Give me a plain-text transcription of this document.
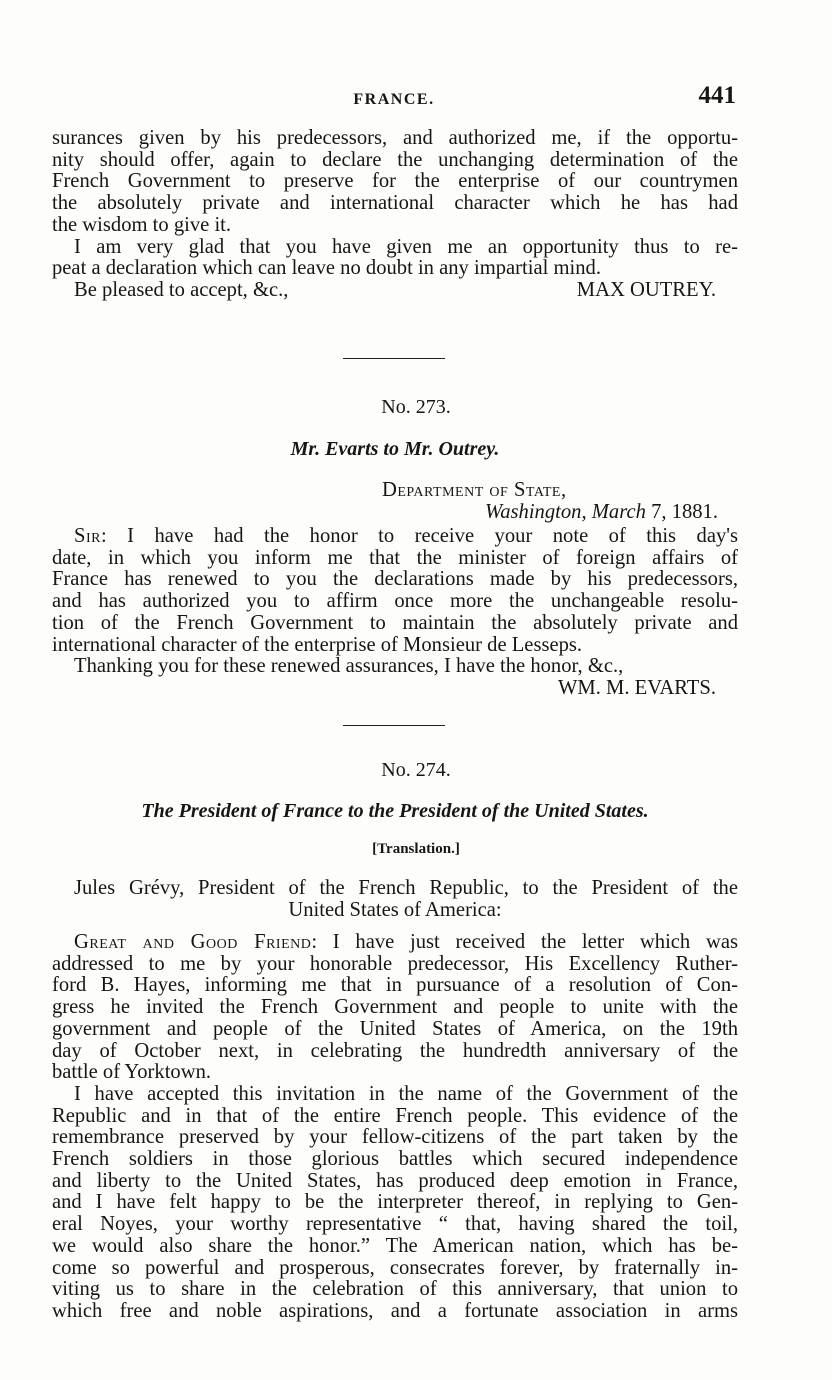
FRANCE.	441

surances given by his predecessors, and authorized me, if the opportu-

nity should offer, again to declare the unchanging determination of the

French Government to preserve for the enterprise of our countrymen

the absolutely private and international character which he has had

the wisdom to give it.

I am very glad that you have given me an opportunity thus to re-

peat a declaration which can leave no doubt in any impartial mind.

Be pleased to accept, &c.,	MAX OUTREY.

No. 273.
Mr. Evarts to Mr. Outrey.
Department of State,
Washington, March 7, 1881.

Sir: I have had the honor to receive your note of this day's

date, in which you inform me that the minister of foreign affairs of

France has renewed to you the declarations made by his predecessors,

and has authorized you to affirm once more the unchangeable resolu-

tion of the French Government to maintain the absolutely private and

international character of the enterprise of Monsieur de Lesseps.

Thanking you for these renewed assurances, I have the honor, &c.,

WM. M. EVARTS.

No. 274.
The President of France to the President of the United States.
[Translation.]

Jules Grévy, President of the French Republic, to the President of the

United States of America:

Great and Good Friend: I have just received the letter which was

addressed to me by your honorable predecessor, His Excellency Ruther-

ford B. Hayes, informing me that in pursuance of a resolution of Con-

gress he invited the French Government and people to unite with the

government and people of the United States of America, on the 19th

day of October next, in celebrating the hundredth anniversary of the

battle of Yorktown.

I have accepted this invitation in the name of the Government of the

Republic and in that of the entire French people. This evidence of the

remembrance preserved by your fellow-citizens of the part taken by the

French soldiers in those glorious battles which secured independence

and liberty to the United States, has produced deep emotion in France,

and I have felt happy to be the interpreter thereof, in replying to Gen-

eral Noyes, your worthy representative “ that, having shared the toil,

we would also share the honor.” The American nation, which has be-

come so powerful and prosperous, consecrates forever, by fraternally in-

viting us to share in the celebration of this anniversary, that union to

which free and noble aspirations, and a fortunate association in arms
